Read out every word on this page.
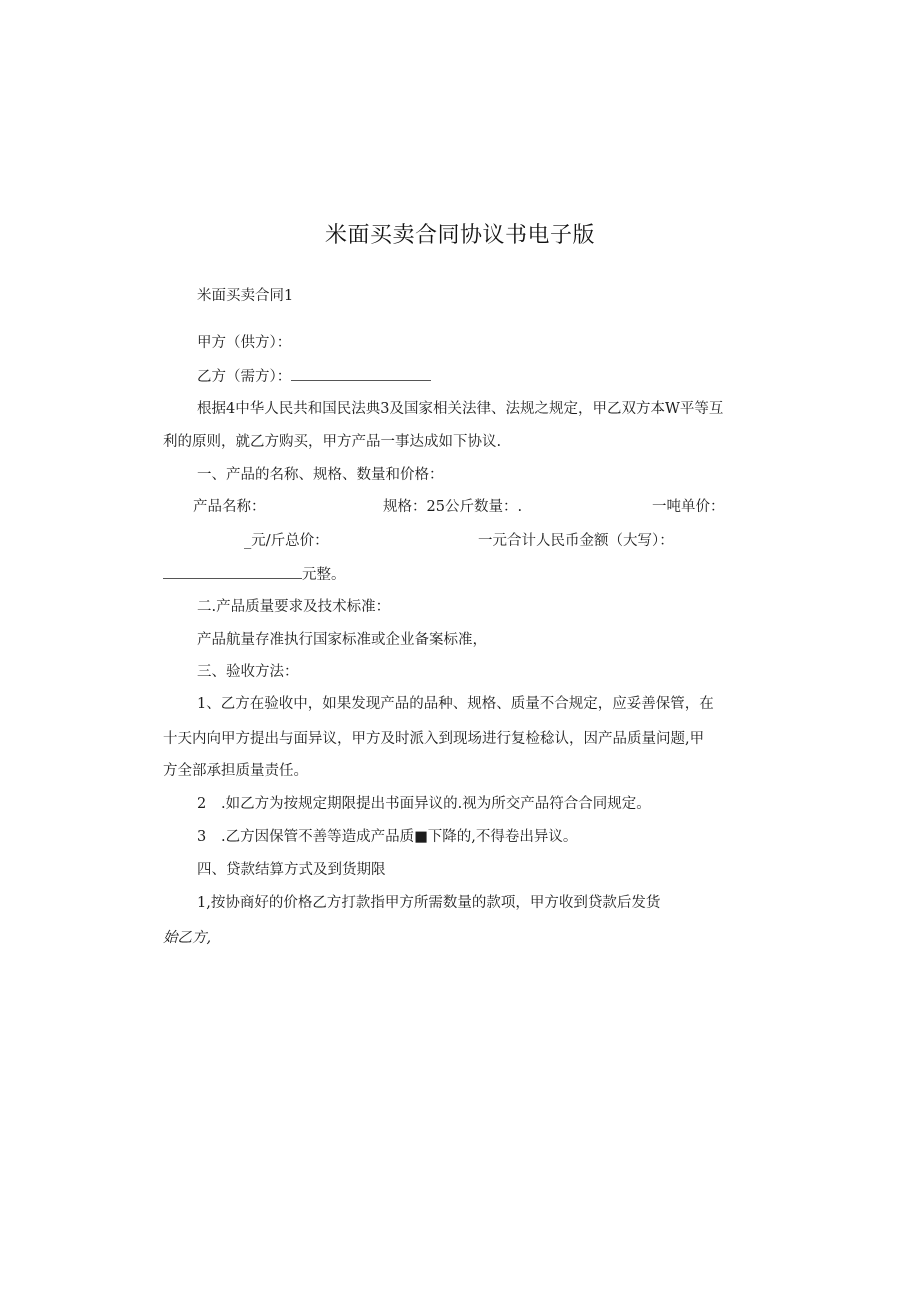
米面买卖合同协议书电子版
米面买卖合同1
甲方（供方）：
乙方（需方）：
根据4中华人民共和国民法典3及国家相关法律、法规之规定，甲乙双方本W平等互
利的原则，就乙方购买，甲方产品一事达成如下协议.
一、产品的名称、规格、数量和价格：
产品名称：	规格：25公斤数量：.	一吨单价：
_元/斤总价：	一元合计人民币金额（大写）：
元整。
二.产品质量要求及技术标准：
产品航量存准执行国家标准或企业备案标准，
三、验收方法：
1、乙方在验收中，如果发现产品的品种、规格、质量不合规定，应妥善保管，在
十天内向甲方提出与面异议，甲方及时派入到现场进行复检稔认，因产品质量问题,甲
方全部承担质量责任。
2 .如乙方为按规定期限提出书面异议的.视为所交产品符合合同规定。
3 .乙方因保管不善等造成产品质■下降的,不得卷出异议。
四、贷款结算方式及到货期限
1,按协商好的价格乙方打款指甲方所需数量的款项，甲方收到贷款后发货
始乙方,
